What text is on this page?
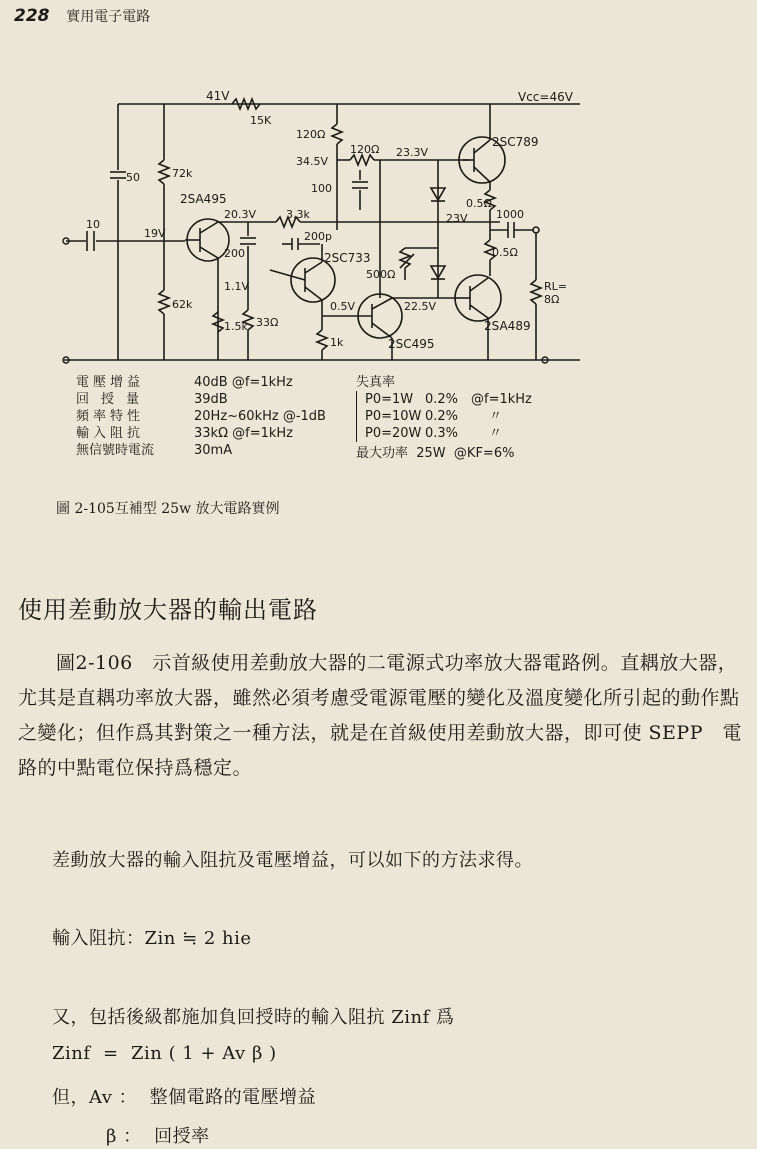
228 實用電子電路
Vcc=46V
41V
15K
120Ω
120Ω
34.5V
23.3V
100
2SC789
50	72k
2SA495
20.3V	3.3k
0.5Ω
1000
23V
10
19V	200p
200	2SC733	0.5Ω
500Ω
RL=
8Ω
1.1V
22.5V
62k	0.5V
2SA489
1.5k 33Ω
1k	2SC495
電壓增益	40dB @f=1kHz
回授量	39dB
頻率特性	20Hz~60kHz @-1dB
輸入阻抗	33kΩ @f=1kHz
無信號時電流	30mA
失真率
P0=1W 0.2% @f=1kHz
P0=10W 0.2% 〃
P0=20W 0.3% 〃
最大功率  25W  @KF=6%
圖 2-105互補型 25w 放大電路實例
使用差動放大器的輸出電路
圖2-106　示首級使用差動放大器的二電源式功率放大器電路例。直耦放大器，尤其是直耦功率放大器，雖然必須考慮受電源電壓的變化及溫度變化所引起的動作點之變化；但作爲其對策之一種方法，就是在首級使用差動放大器，即可使 SEPP　電路的中點電位保持爲穩定。
差動放大器的輸入阻抗及電壓增益，可以如下的方法求得。
輸入阻抗：Zin ≒ 2 hie
又，包括後級都施加負回授時的輸入阻抗 Zinf 爲
Zinf  =  Zin ( 1 + Av β )
但，Av ：  整個電路的電壓增益
β ：  回授率
